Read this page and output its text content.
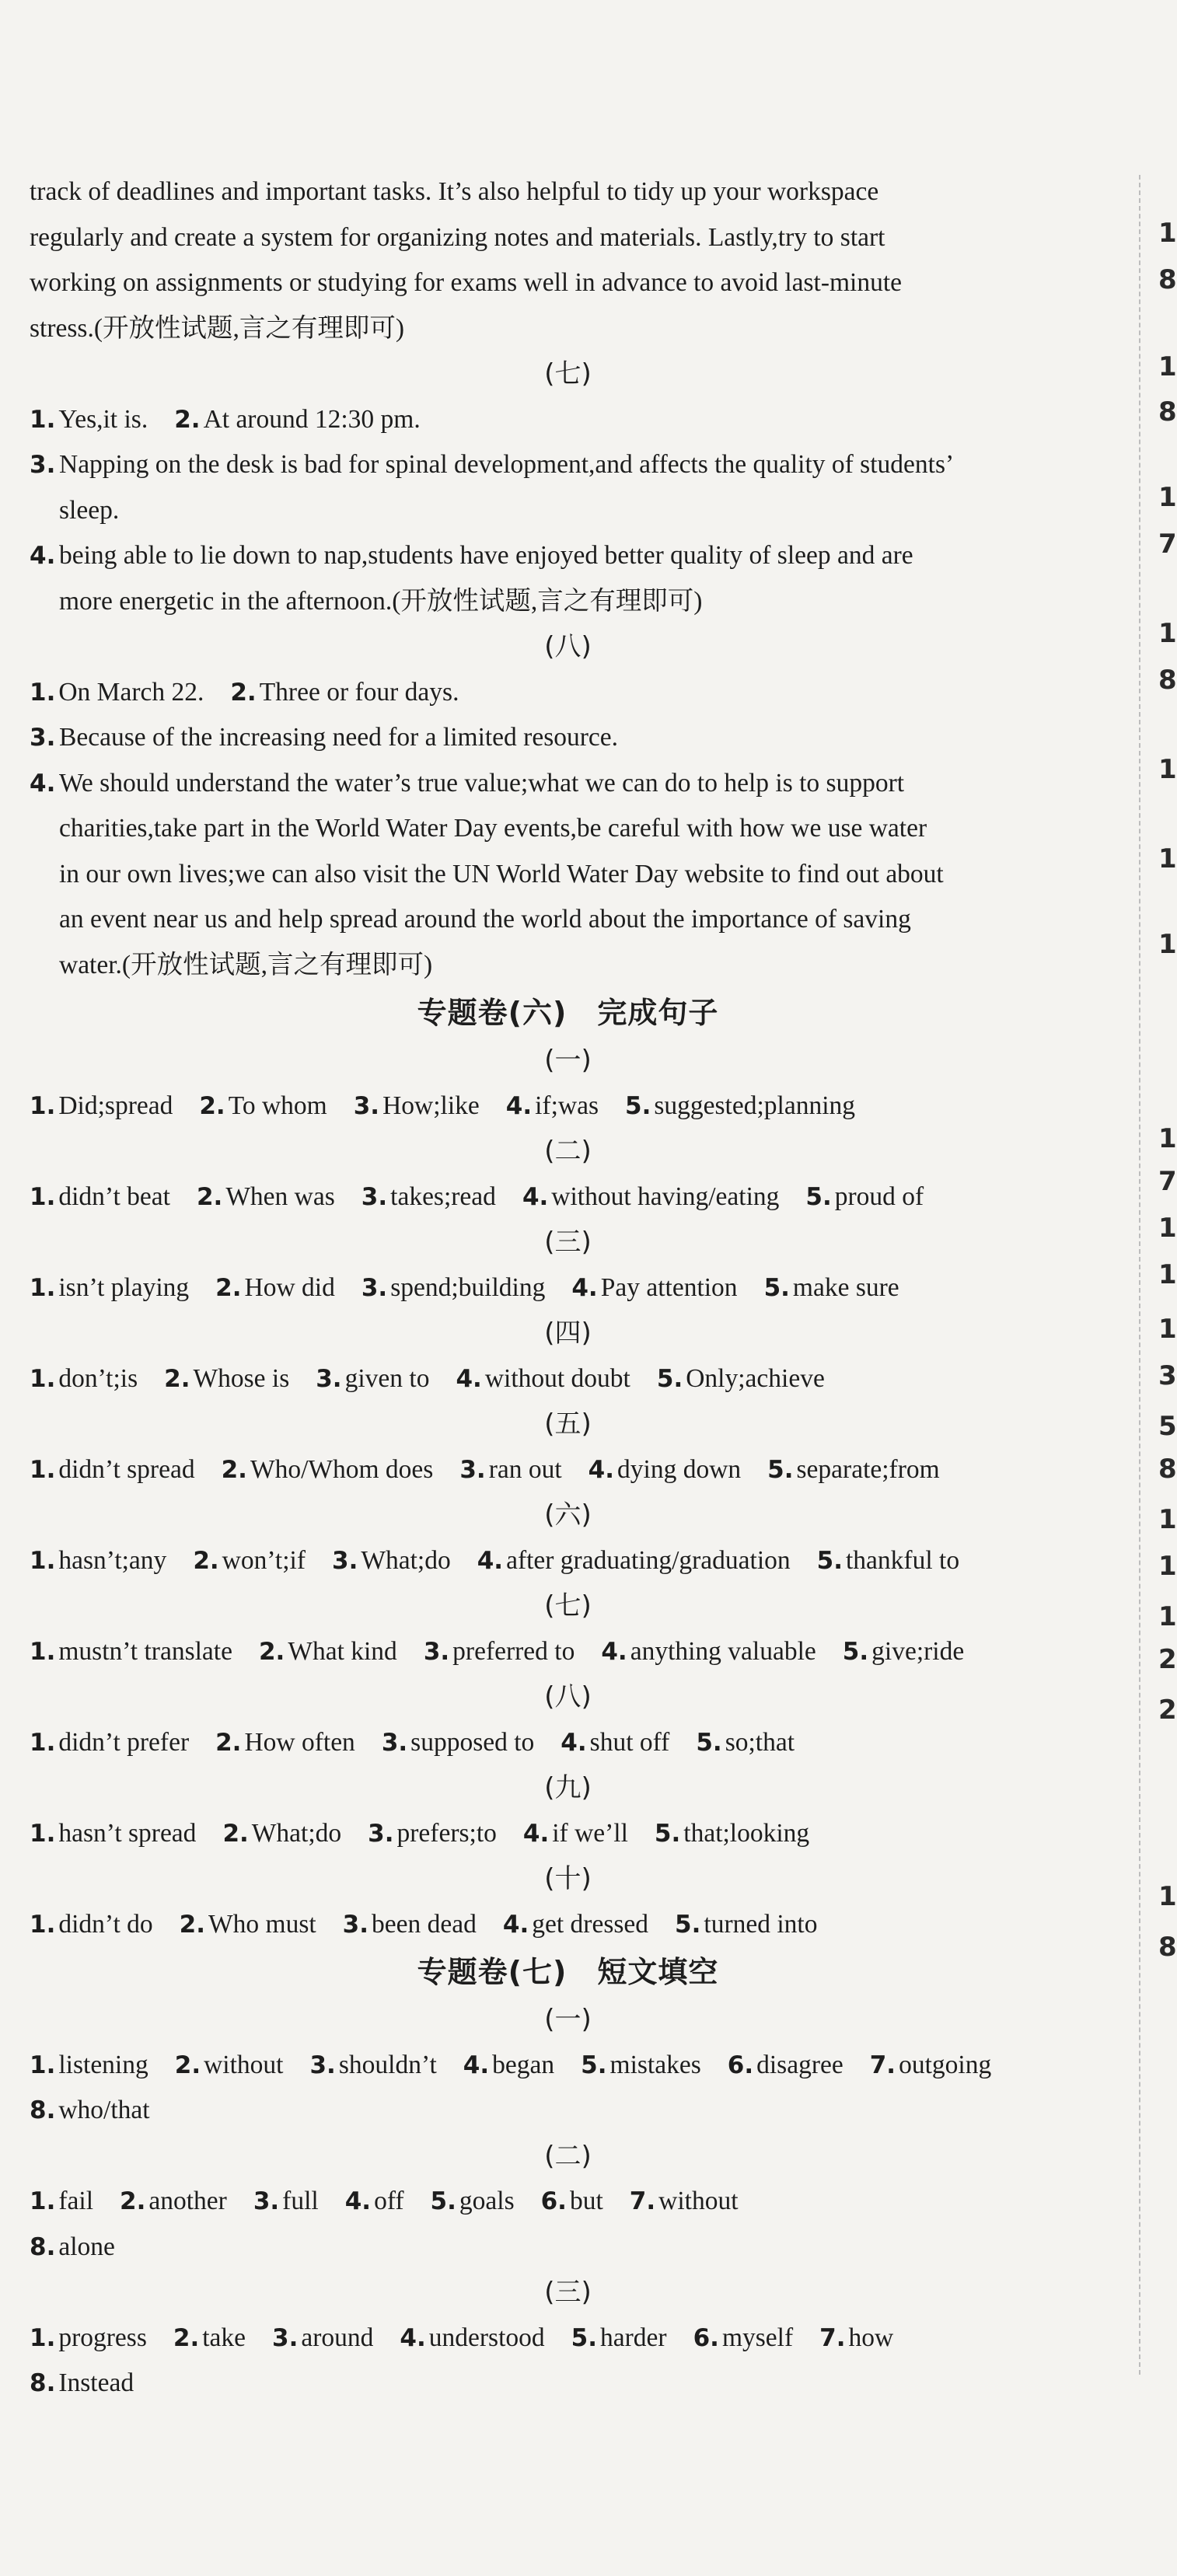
track of deadlines and important tasks. It’s also helpful to tidy up your workspace
regularly and create a system for organizing notes and materials. Lastly,try to start
working on assignments or studying for exams well in advance to avoid last-minute
stress.(开放性试题,言之有理即可)
(七)
1. Yes,it is. 2. At around 12:30 pm.
3. Napping on the desk is bad for spinal development,and affects the quality of students’
sleep.
4. being able to lie down to nap,students have enjoyed better quality of sleep and are
more energetic in the afternoon.(开放性试题,言之有理即可)
(八)
1. On March 22. 2. Three or four days.
3. Because of the increasing need for a limited resource.
4. We should understand the water’s true value;what we can do to help is to support
charities,take part in the World Water Day events,be careful with how we use water
in our own lives;we can also visit the UN World Water Day website to find out about
an event near us and help spread around the world about the importance of saving
water.(开放性试题,言之有理即可)
专题卷(六)　完成句子
(一)
1. Did;spread 2. To whom 3. How;like 4. if;was 5. suggested;planning
(二)
1. didn’t beat 2. When was 3. takes;read 4. without having/eating 5. proud of
(三)
1. isn’t playing 2. How did 3. spend;building 4. Pay attention 5. make sure
(四)
1. don’t;is 2. Whose is 3. given to 4. without doubt 5. Only;achieve
(五)
1. didn’t spread 2. Who/Whom does 3. ran out 4. dying down 5. separate;from
(六)
1. hasn’t;any 2. won’t;if 3. What;do 4. after graduating/graduation 5. thankful to
(七)
1. mustn’t translate 2. What kind 3. preferred to 4. anything valuable 5. give;ride
(八)
1. didn’t prefer 2. How often 3. supposed to 4. shut off 5. so;that
(九)
1. hasn’t spread 2. What;do 3. prefers;to 4. if we’ll 5. that;looking
(十)
1. didn’t do 2. Who must 3. been dead 4. get dressed 5. turned into
专题卷(七)　短文填空
(一)
1. listening 2. without 3. shouldn’t 4. began 5. mistakes 6. disagree 7. outgoing
8. who/that
(二)
1. fail 2. another 3. full 4. off 5. goals 6. but 7. without
8. alone
(三)
1. progress 2. take 3. around 4. understood 5. harder 6. myself 7. how
8. Instead
1
8
1
8
1
7
1
8
1
1
1
1
7
1
1
1
3
5
8
1
1
1
2
2
1
8
